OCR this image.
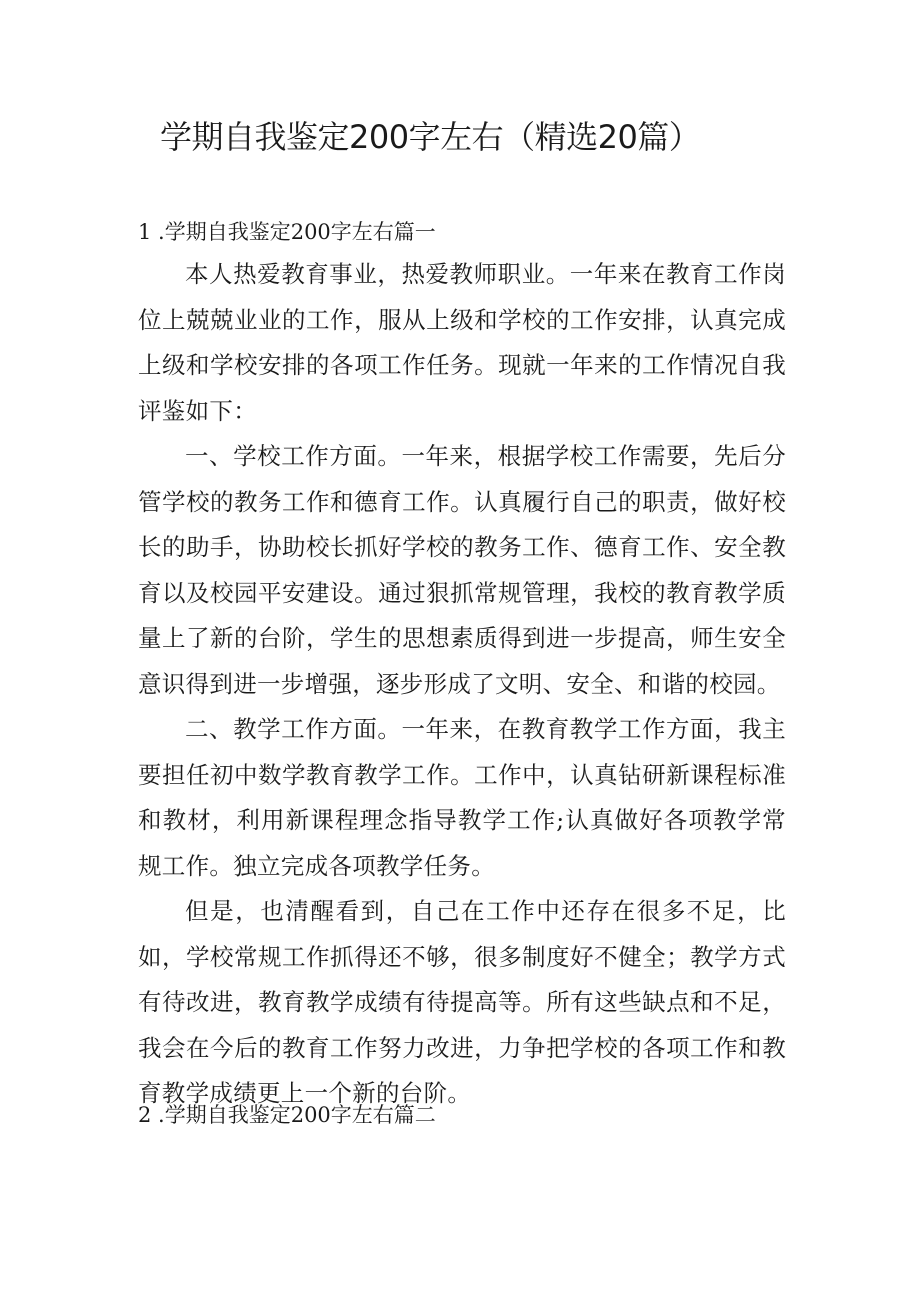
学期自我鉴定200字左右（精选20篇）
1 .学期自我鉴定200字左右篇一

本人热爱教育事业，热爱教师职业。一年来在教育工作岗位上兢兢业业的工作，服从上级和学校的工作安排，认真完成上级和学校安排的各项工作任务。现就一年来的工作情况自我评鉴如下：

一、学校工作方面。一年来，根据学校工作需要，先后分管学校的教务工作和德育工作。认真履行自己的职责，做好校长的助手，协助校长抓好学校的教务工作、德育工作、安全教育以及校园平安建设。通过狠抓常规管理，我校的教育教学质量上了新的台阶，学生的思想素质得到进一步提高，师生安全意识得到进一步增强，逐步形成了文明、安全、和谐的校园。

二、教学工作方面。一年来，在教育教学工作方面，我主要担任初中数学教育教学工作。工作中，认真钻研新课程标准和教材，利用新课程理念指导教学工作;认真做好各项教学常规工作。独立完成各项教学任务。

但是，也清醒看到，自己在工作中还存在很多不足，比如，学校常规工作抓得还不够，很多制度好不健全；教学方式有待改进，教育教学成绩有待提高等。所有这些缺点和不足，我会在今后的教育工作努力改进，力争把学校的各项工作和教育教学成绩更上一个新的台阶。

2 .学期自我鉴定200字左右篇二
